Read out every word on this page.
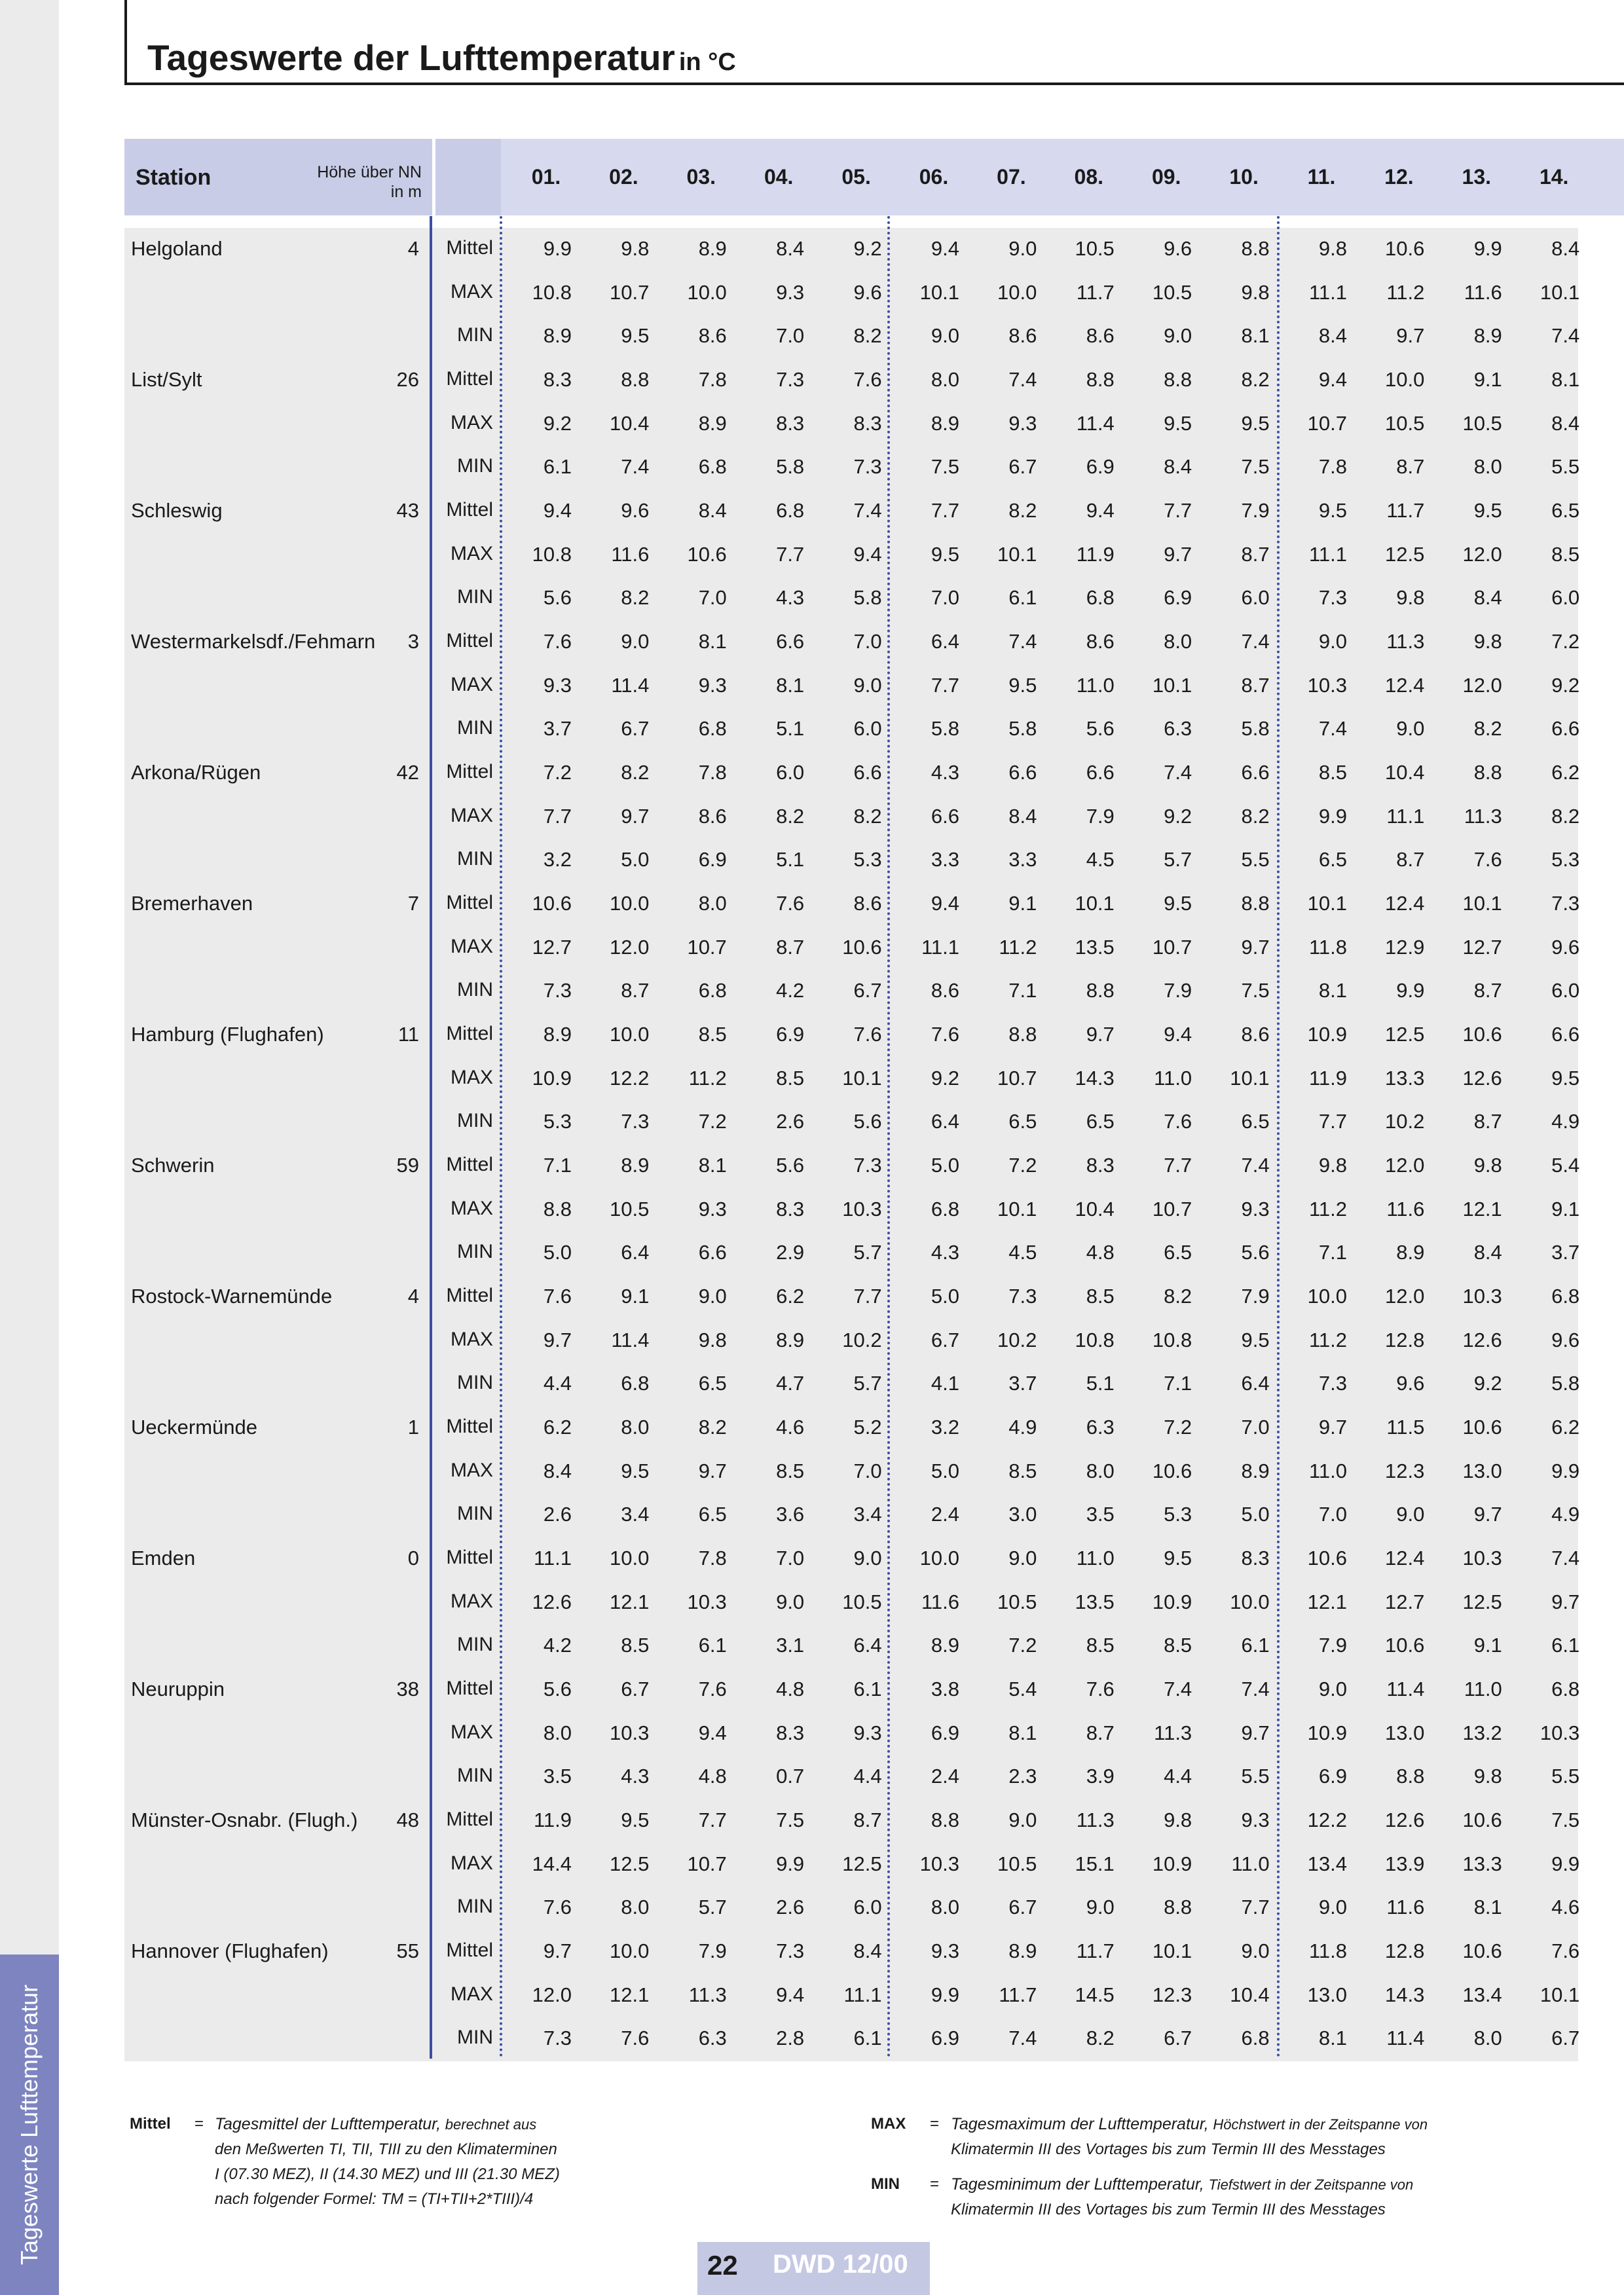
Tageswerte Lufttemperatur
Tageswerte der Lufttemperatur in °C
Station	Höhe über NN
in m
01.	02.	03.	04.	05.	06.	07.	08.	09.	10.	11.	12.	13.	14.
Helgoland	4	Mittel	9.9	9.8	8.9	8.4	9.2	9.4	9.0	10.5	9.6	8.8	9.8	10.6	9.9	8.4
MAX	10.8	10.7	10.0	9.3	9.6	10.1	10.0	11.7	10.5	9.8	11.1	11.2	11.6	10.1
MIN	8.9	9.5	8.6	7.0	8.2	9.0	8.6	8.6	9.0	8.1	8.4	9.7	8.9	7.4
List/Sylt	26	Mittel	8.3	8.8	7.8	7.3	7.6	8.0	7.4	8.8	8.8	8.2	9.4	10.0	9.1	8.1
MAX	9.2	10.4	8.9	8.3	8.3	8.9	9.3	11.4	9.5	9.5	10.7	10.5	10.5	8.4
MIN	6.1	7.4	6.8	5.8	7.3	7.5	6.7	6.9	8.4	7.5	7.8	8.7	8.0	5.5
Schleswig	43	Mittel	9.4	9.6	8.4	6.8	7.4	7.7	8.2	9.4	7.7	7.9	9.5	11.7	9.5	6.5
MAX	10.8	11.6	10.6	7.7	9.4	9.5	10.1	11.9	9.7	8.7	11.1	12.5	12.0	8.5
MIN	5.6	8.2	7.0	4.3	5.8	7.0	6.1	6.8	6.9	6.0	7.3	9.8	8.4	6.0
Westermarkelsdf./Fehmarn	3	Mittel	7.6	9.0	8.1	6.6	7.0	6.4	7.4	8.6	8.0	7.4	9.0	11.3	9.8	7.2
MAX	9.3	11.4	9.3	8.1	9.0	7.7	9.5	11.0	10.1	8.7	10.3	12.4	12.0	9.2
MIN	3.7	6.7	6.8	5.1	6.0	5.8	5.8	5.6	6.3	5.8	7.4	9.0	8.2	6.6
Arkona/Rügen	42	Mittel	7.2	8.2	7.8	6.0	6.6	4.3	6.6	6.6	7.4	6.6	8.5	10.4	8.8	6.2
MAX	7.7	9.7	8.6	8.2	8.2	6.6	8.4	7.9	9.2	8.2	9.9	11.1	11.3	8.2
MIN	3.2	5.0	6.9	5.1	5.3	3.3	3.3	4.5	5.7	5.5	6.5	8.7	7.6	5.3
Bremerhaven	7	Mittel	10.6	10.0	8.0	7.6	8.6	9.4	9.1	10.1	9.5	8.8	10.1	12.4	10.1	7.3
MAX	12.7	12.0	10.7	8.7	10.6	11.1	11.2	13.5	10.7	9.7	11.8	12.9	12.7	9.6
MIN	7.3	8.7	6.8	4.2	6.7	8.6	7.1	8.8	7.9	7.5	8.1	9.9	8.7	6.0
Hamburg (Flughafen)	11	Mittel	8.9	10.0	8.5	6.9	7.6	7.6	8.8	9.7	9.4	8.6	10.9	12.5	10.6	6.6
MAX	10.9	12.2	11.2	8.5	10.1	9.2	10.7	14.3	11.0	10.1	11.9	13.3	12.6	9.5
MIN	5.3	7.3	7.2	2.6	5.6	6.4	6.5	6.5	7.6	6.5	7.7	10.2	8.7	4.9
Schwerin	59	Mittel	7.1	8.9	8.1	5.6	7.3	5.0	7.2	8.3	7.7	7.4	9.8	12.0	9.8	5.4
MAX	8.8	10.5	9.3	8.3	10.3	6.8	10.1	10.4	10.7	9.3	11.2	11.6	12.1	9.1
MIN	5.0	6.4	6.6	2.9	5.7	4.3	4.5	4.8	6.5	5.6	7.1	8.9	8.4	3.7
Rostock-Warnemünde	4	Mittel	7.6	9.1	9.0	6.2	7.7	5.0	7.3	8.5	8.2	7.9	10.0	12.0	10.3	6.8
MAX	9.7	11.4	9.8	8.9	10.2	6.7	10.2	10.8	10.8	9.5	11.2	12.8	12.6	9.6
MIN	4.4	6.8	6.5	4.7	5.7	4.1	3.7	5.1	7.1	6.4	7.3	9.6	9.2	5.8
Ueckermünde	1	Mittel	6.2	8.0	8.2	4.6	5.2	3.2	4.9	6.3	7.2	7.0	9.7	11.5	10.6	6.2
MAX	8.4	9.5	9.7	8.5	7.0	5.0	8.5	8.0	10.6	8.9	11.0	12.3	13.0	9.9
MIN	2.6	3.4	6.5	3.6	3.4	2.4	3.0	3.5	5.3	5.0	7.0	9.0	9.7	4.9
Emden	0	Mittel	11.1	10.0	7.8	7.0	9.0	10.0	9.0	11.0	9.5	8.3	10.6	12.4	10.3	7.4
MAX	12.6	12.1	10.3	9.0	10.5	11.6	10.5	13.5	10.9	10.0	12.1	12.7	12.5	9.7
MIN	4.2	8.5	6.1	3.1	6.4	8.9	7.2	8.5	8.5	6.1	7.9	10.6	9.1	6.1
Neuruppin	38	Mittel	5.6	6.7	7.6	4.8	6.1	3.8	5.4	7.6	7.4	7.4	9.0	11.4	11.0	6.8
MAX	8.0	10.3	9.4	8.3	9.3	6.9	8.1	8.7	11.3	9.7	10.9	13.0	13.2	10.3
MIN	3.5	4.3	4.8	0.7	4.4	2.4	2.3	3.9	4.4	5.5	6.9	8.8	9.8	5.5
Münster-Osnabr. (Flugh.)	48	Mittel	11.9	9.5	7.7	7.5	8.7	8.8	9.0	11.3	9.8	9.3	12.2	12.6	10.6	7.5
MAX	14.4	12.5	10.7	9.9	12.5	10.3	10.5	15.1	10.9	11.0	13.4	13.9	13.3	9.9
MIN	7.6	8.0	5.7	2.6	6.0	8.0	6.7	9.0	8.8	7.7	9.0	11.6	8.1	4.6
Hannover (Flughafen)	55	Mittel	9.7	10.0	7.9	7.3	8.4	9.3	8.9	11.7	10.1	9.0	11.8	12.8	10.6	7.6
MAX	12.0	12.1	11.3	9.4	11.1	9.9	11.7	14.5	12.3	10.4	13.0	14.3	13.4	10.1
MIN	7.3	7.6	6.3	2.8	6.1	6.9	7.4	8.2	6.7	6.8	8.1	11.4	8.0	6.7
Mittel = Tagesmittel der Lufttemperatur, berechnet aus
den Meßwerten TI, TII, TIII zu den Klimaterminen
I (07.30 MEZ), II (14.30 MEZ) und III (21.30 MEZ)
nach folgender Formel: TM = (TI+TII+2*TIII)/4
MAX = Tagesmaximum der Lufttemperatur, Höchstwert in der Zeitspanne von
Klimatermin III des Vortages bis zum Termin III des Messtages
MIN = Tagesminimum der Lufttemperatur, Tiefstwert in der Zeitspanne von
Klimatermin III des Vortages bis zum Termin III des Messtages
22 DWD 12/00
